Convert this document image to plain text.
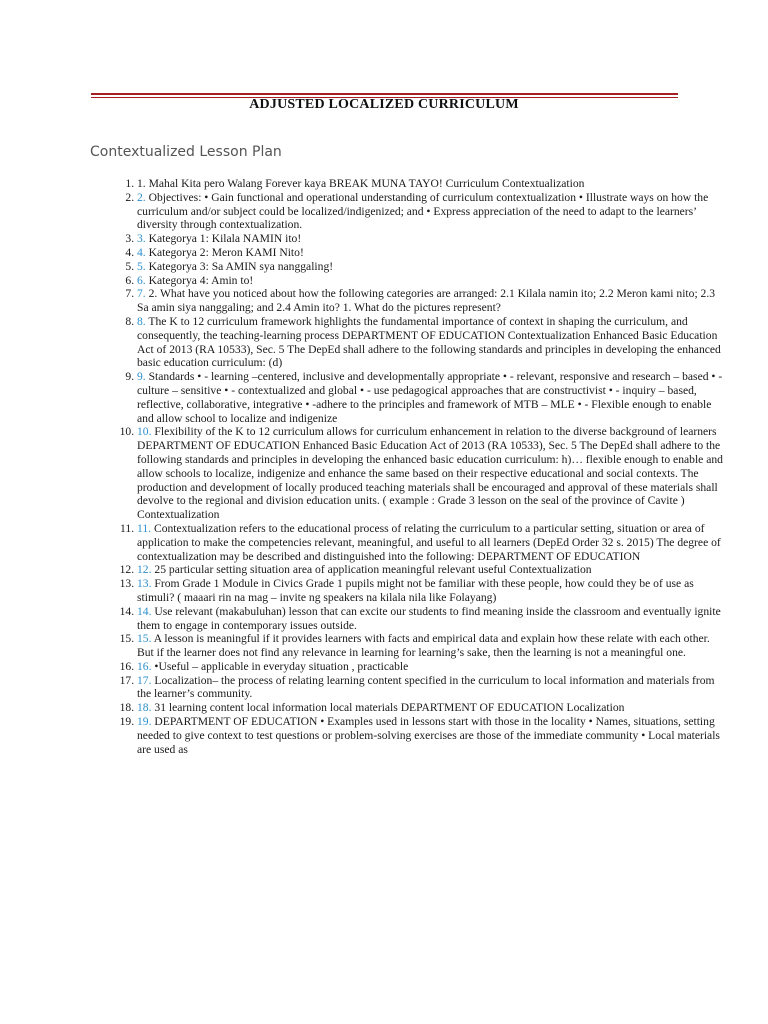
ADJUSTED LOCALIZED CURRICULUM
Contextualized Lesson Plan
1. 1. Mahal Kita pero Walang Forever kaya BREAK MUNA TAYO! Curriculum Contextualization
2. 2. Objectives: • Gain functional and operational understanding of curriculum contextualization • Illustrate ways on how the curriculum and/or subject could be localized/indigenized; and • Express appreciation of the need to adapt to the learners’ diversity through contextualization.
3. 3. Kategorya 1: Kilala NAMIN ito!
4. 4. Kategorya 2: Meron KAMI Nito!
5. 5. Kategorya 3: Sa AMIN sya nanggaling!
6. 6. Kategorya 4: Amin to!
7. 7. 2. What have you noticed about how the following categories are arranged: 2.1 Kilala namin ito; 2.2 Meron kami nito; 2.3 Sa amin siya nanggaling; and 2.4 Amin ito? 1. What do the pictures represent?
8. 8. The K to 12 curriculum framework highlights the fundamental importance of context in shaping the curriculum, and consequently, the teaching-learning process DEPARTMENT OF EDUCATION Contextualization Enhanced Basic Education Act of 2013 (RA 10533), Sec. 5 The DepEd shall adhere to the following standards and principles in developing the enhanced basic education curriculum: (d)
9. 9. Standards • - learning –centered, inclusive and developmentally appropriate • - relevant, responsive and research – based • - culture – sensitive • - contextualized and global • - use pedagogical approaches that are constructivist • - inquiry – based, reflective, collaborative, integrative • -adhere to the principles and framework of MTB – MLE • - Flexible enough to enable and allow school to localize and indigenize
10. 10. Flexibility of the K to 12 curriculum allows for curriculum enhancement in relation to the diverse background of learners DEPARTMENT OF EDUCATION Enhanced Basic Education Act of 2013 (RA 10533), Sec. 5 The DepEd shall adhere to the following standards and principles in developing the enhanced basic education curriculum: h)… flexible enough to enable and allow schools to localize, indigenize and enhance the same based on their respective educational and social contexts. The production and development of locally produced teaching materials shall be encouraged and approval of these materials shall devolve to the regional and division education units. ( example : Grade 3 lesson on the seal of the province of Cavite ) Contextualization
11. 11. Contextualization refers to the educational process of relating the curriculum to a particular setting, situation or area of application to make the competencies relevant, meaningful, and useful to all learners (DepEd Order 32 s. 2015) The degree of contextualization may be described and distinguished into the following: DEPARTMENT OF EDUCATION
12. 12. 25 particular setting situation area of application meaningful relevant useful Contextualization
13. 13. From Grade 1 Module in Civics Grade 1 pupils might not be familiar with these people, how could they be of use as stimuli? ( maaari rin na mag – invite ng speakers na kilala nila like Folayang)
14. 14. Use relevant (makabuluhan) lesson that can excite our students to find meaning inside the classroom and eventually ignite them to engage in contemporary issues outside.
15. 15. A lesson is meaningful if it provides learners with facts and empirical data and explain how these relate with each other. But if the learner does not find any relevance in learning for learning’s sake, then the learning is not a meaningful one.
16. 16. •Useful – applicable in everyday situation , practicable
17. 17. Localization– the process of relating learning content specified in the curriculum to local information and materials from the learner’s community.
18. 18. 31 learning content local information local materials DEPARTMENT OF EDUCATION Localization
19. 19. DEPARTMENT OF EDUCATION • Examples used in lessons start with those in the locality • Names, situations, setting needed to give context to test questions or problem-solving exercises are those of the immediate community • Local materials are used as
